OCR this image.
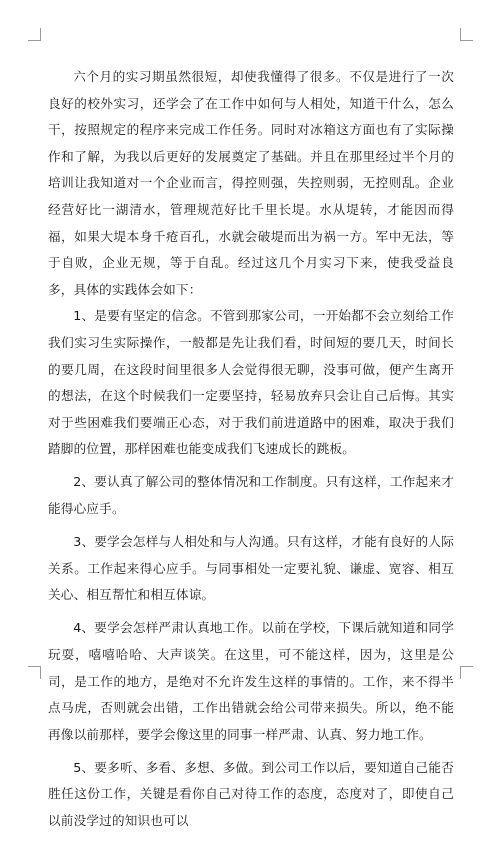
六个月的实习期虽然很短，却使我懂得了很多。不仅是进行了一次良好的校外实习，还学会了在工作中如何与人相处，知道干什么，怎么干，按照规定的程序来完成工作任务。同时对冰箱这方面也有了实际操作和了解，为我以后更好的发展奠定了基础。并且在那里经过半个月的培训让我知道对一个企业而言，得控则强，失控则弱，无控则乱。企业经营好比一湖清水，管理规范好比千里长堤。水从堤转，才能因而得福，如果大堤本身千疮百孔，水就会破堤而出为祸一方。军中无法，等于自败，企业无规，等于自乱。经过这几个月实习下来，使我受益良多，具体的实践体会如下：

1、是要有坚定的信念。不管到那家公司，一开始都不会立刻给工作我们实习生实际操作，一般都是先让我们看，时间短的要几天，时间长的要几周，在这段时间里很多人会觉得很无聊，没事可做，便产生离开的想法，在这个时候我们一定要坚持，轻易放弃只会让自己后悔。其实对于些困难我们要端正心态，对于我们前进道路中的困难，取决于我们踏脚的位置，那样困难也能变成我们飞速成长的跳板。

2、要认真了解公司的整体情况和工作制度。只有这样，工作起来才能得心应手。

3、要学会怎样与人相处和与人沟通。只有这样，才能有良好的人际关系。工作起来得心应手。与同事相处一定要礼貌、谦虚、宽容、相互关心、相互帮忙和相互体谅。

4、要学会怎样严肃认真地工作。以前在学校，下课后就知道和同学玩耍，嘻嘻哈哈、大声谈笑。在这里，可不能这样，因为，这里是公司，是工作的地方，是绝对不允许发生这样的事情的。工作，来不得半点马虎，否则就会出错，工作出错就会给公司带来损失。所以，绝不能再像以前那样，要学会像这里的同事一样严肃、认真、努力地工作。

5、要多听、多看、多想、多做。到公司工作以后，要知道自己能否胜任这份工作，关键是看你自己对待工作的态度，态度对了，即使自己以前没学过的知识也可以
